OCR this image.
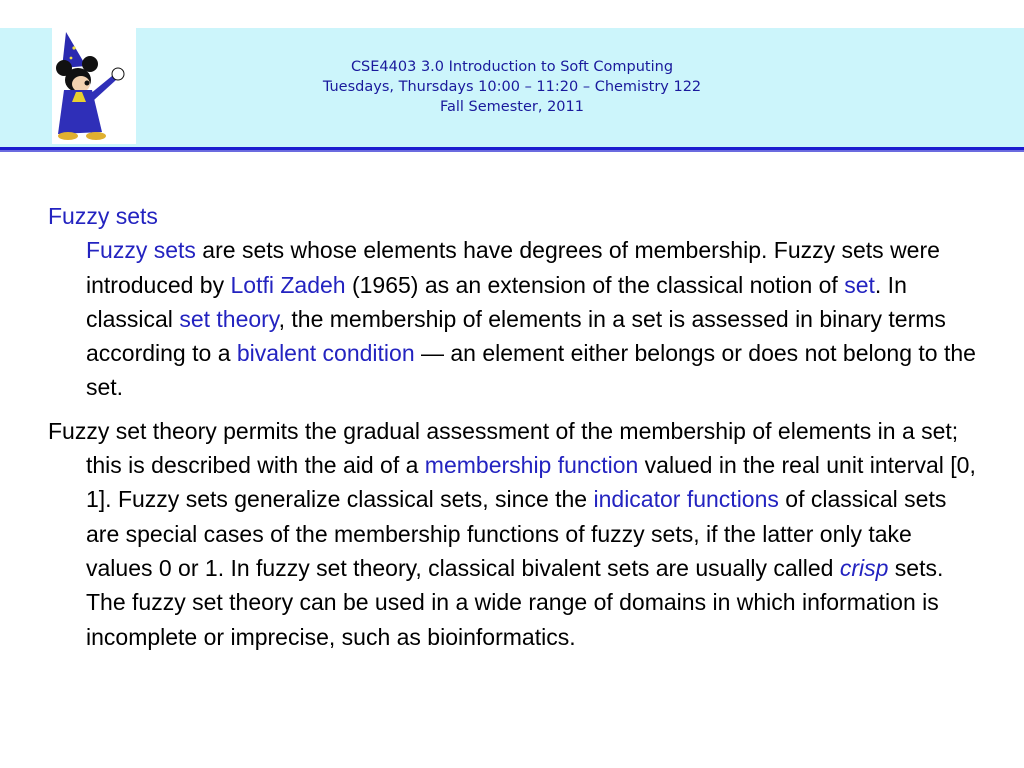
CSE4403 3.0 Introduction to Soft Computing
Tuesdays, Thursdays 10:00 – 11:20 – Chemistry 122
Fall Semester, 2011
Fuzzy sets

Fuzzy sets are sets whose elements have degrees of membership. Fuzzy sets were introduced by Lotfi Zadeh (1965) as an extension of the classical notion of set. In classical set theory, the membership of elements in a set is assessed in binary terms according to a bivalent condition — an element either belongs or does not belong to the set.

Fuzzy set theory permits the gradual assessment of the membership of elements in a set; this is described with the aid of a membership function valued in the real unit interval [0, 1]. Fuzzy sets generalize classical sets, since the indicator functions of classical sets are special cases of the membership functions of fuzzy sets, if the latter only take values 0 or 1. In fuzzy set theory, classical bivalent sets are usually called crisp sets. The fuzzy set theory can be used in a wide range of domains in which information is incomplete or imprecise, such as bioinformatics.
